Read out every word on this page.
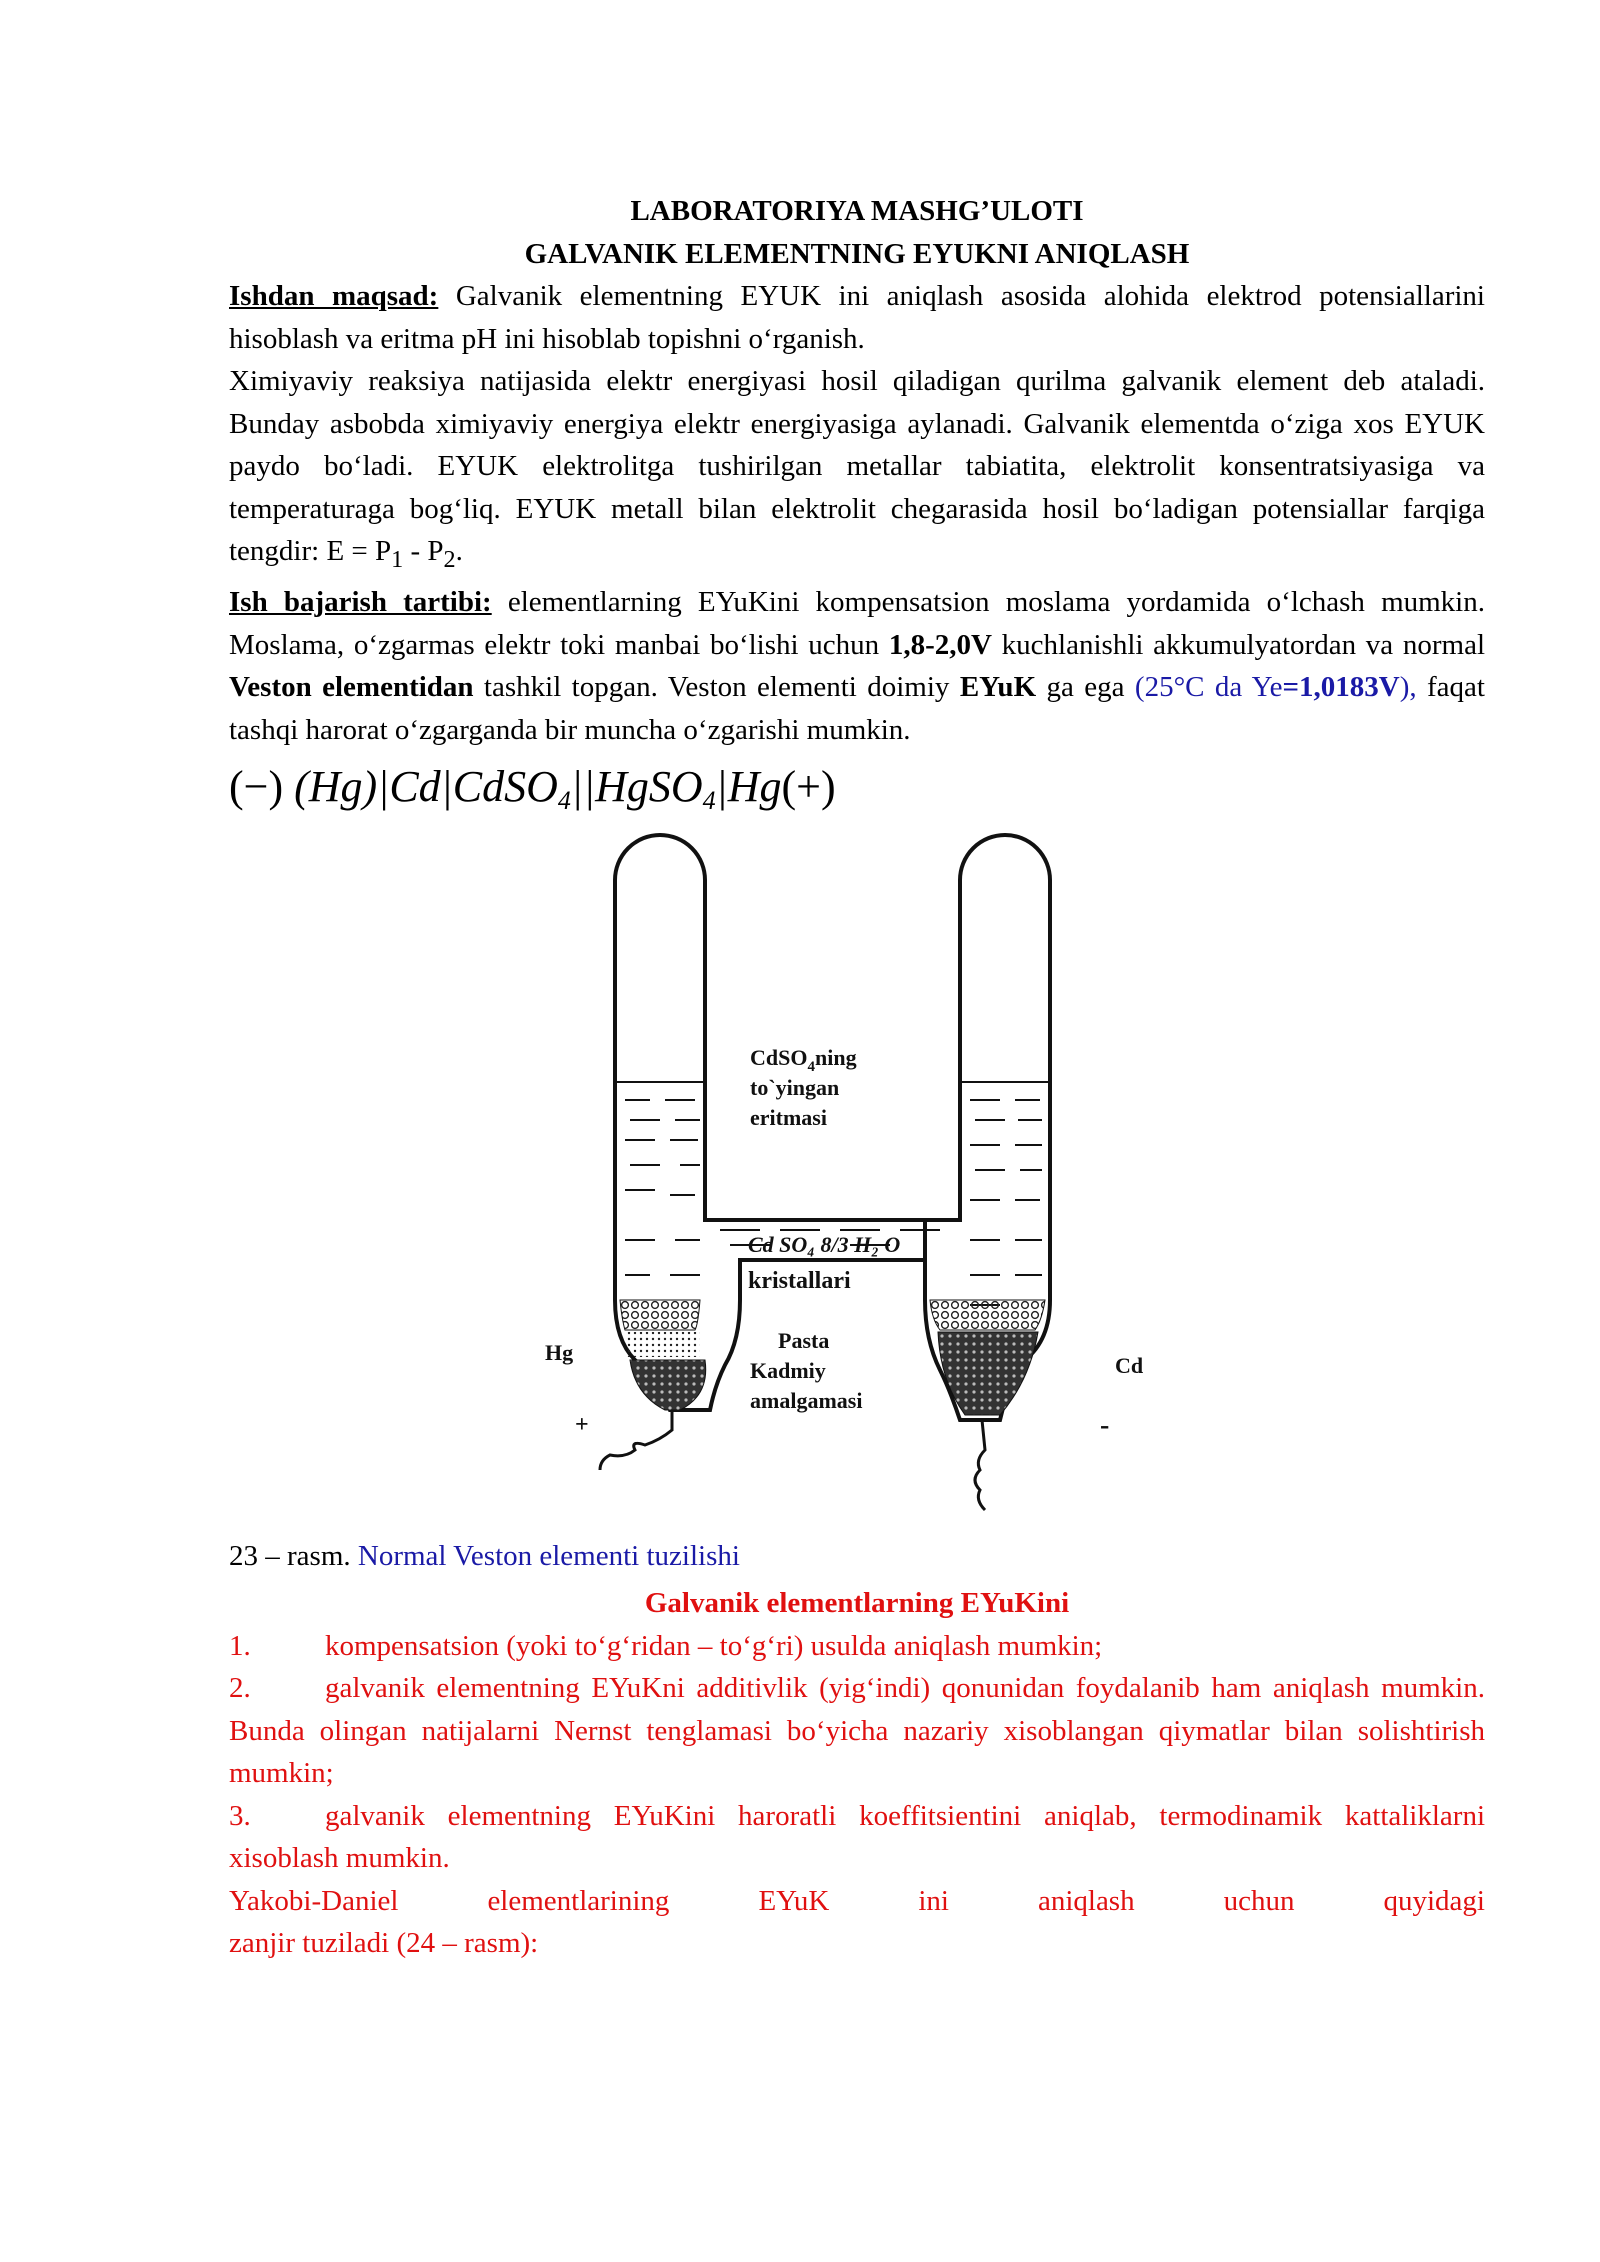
LABORATORIYA MASHG’ULOTI

GALVANIK ELEMENTNING EYUKNI ANIQLASH

Ishdan maqsad: Galvanik elementning EYUK ini aniqlash asosida alohida elektrod potensiallarini hisoblash va eritma pH ini hisoblab topishni o‘rganish.

Ximiyaviy reaksiya natijasida elektr energiyasi hosil qiladigan qurilma galvanik element deb ataladi. Bunday asbobda ximiyaviy energiya elektr energiyasiga aylanadi. Galvanik elementda o‘ziga xos EYUK paydo bo‘ladi. EYUK elektrolitga tushirilgan metallar tabiatita, elektrolit konsentratsiyasiga va temperaturaga bog‘liq. EYUK metall bilan elektrolit chegarasida hosil bo‘ladigan potensiallar farqiga tengdir: $E = P_1 - P_2$.

Ish bajarish tartibi: elementlarning EYuKini kompensatsion moslama yordamida o‘lchash mumkin. Moslama, o‘zgarmas elektr toki manbai bo‘lishi uchun 1,8-2,0V kuchlanishli akkumulyatordan va normal Veston elementidan tashkil topgan. Veston elementi doimiy EYuK ga ega (25°C da Ye=1,0183V), faqat tashqi harorat o‘zgarganda bir muncha o‘zgarishi mumkin.

(−) (Hg)|Cd|CdSO$_4$||HgSO$_4$|Hg(+)
CdSO$_4$ning
to`yingan
eritmasi
Cd SO₄ 8/3 H₂ O
kristallari
Pasta
Kadmiy
amalgamasi
Hg
+
Cd
-
23 – rasm. Normal Veston elementi tuzilishi

Galvanik elementlarning EYuKini

1.	kompensatsion (yoki to‘g‘ridan – to‘g‘ri) usulda aniqlash mumkin;

2.	galvanik elementning EYuKni additivlik (yig‘indi) qonunidan foydalanib ham aniqlash mumkin. Bunda olingan natijalarni Nernst tenglamasi bo‘yicha nazariy xisoblangan qiymatlar bilan solishtirish mumkin;

3.	galvanik elementning EYuKini haroratli koeffitsientini aniqlab, termodinamik kattaliklarni xisoblash mumkin.

Yakobi-Daniel	elementlarining	EYuK	ini	aniqlash	uchun	quyidagi

zanjir tuziladi (24 – rasm):
